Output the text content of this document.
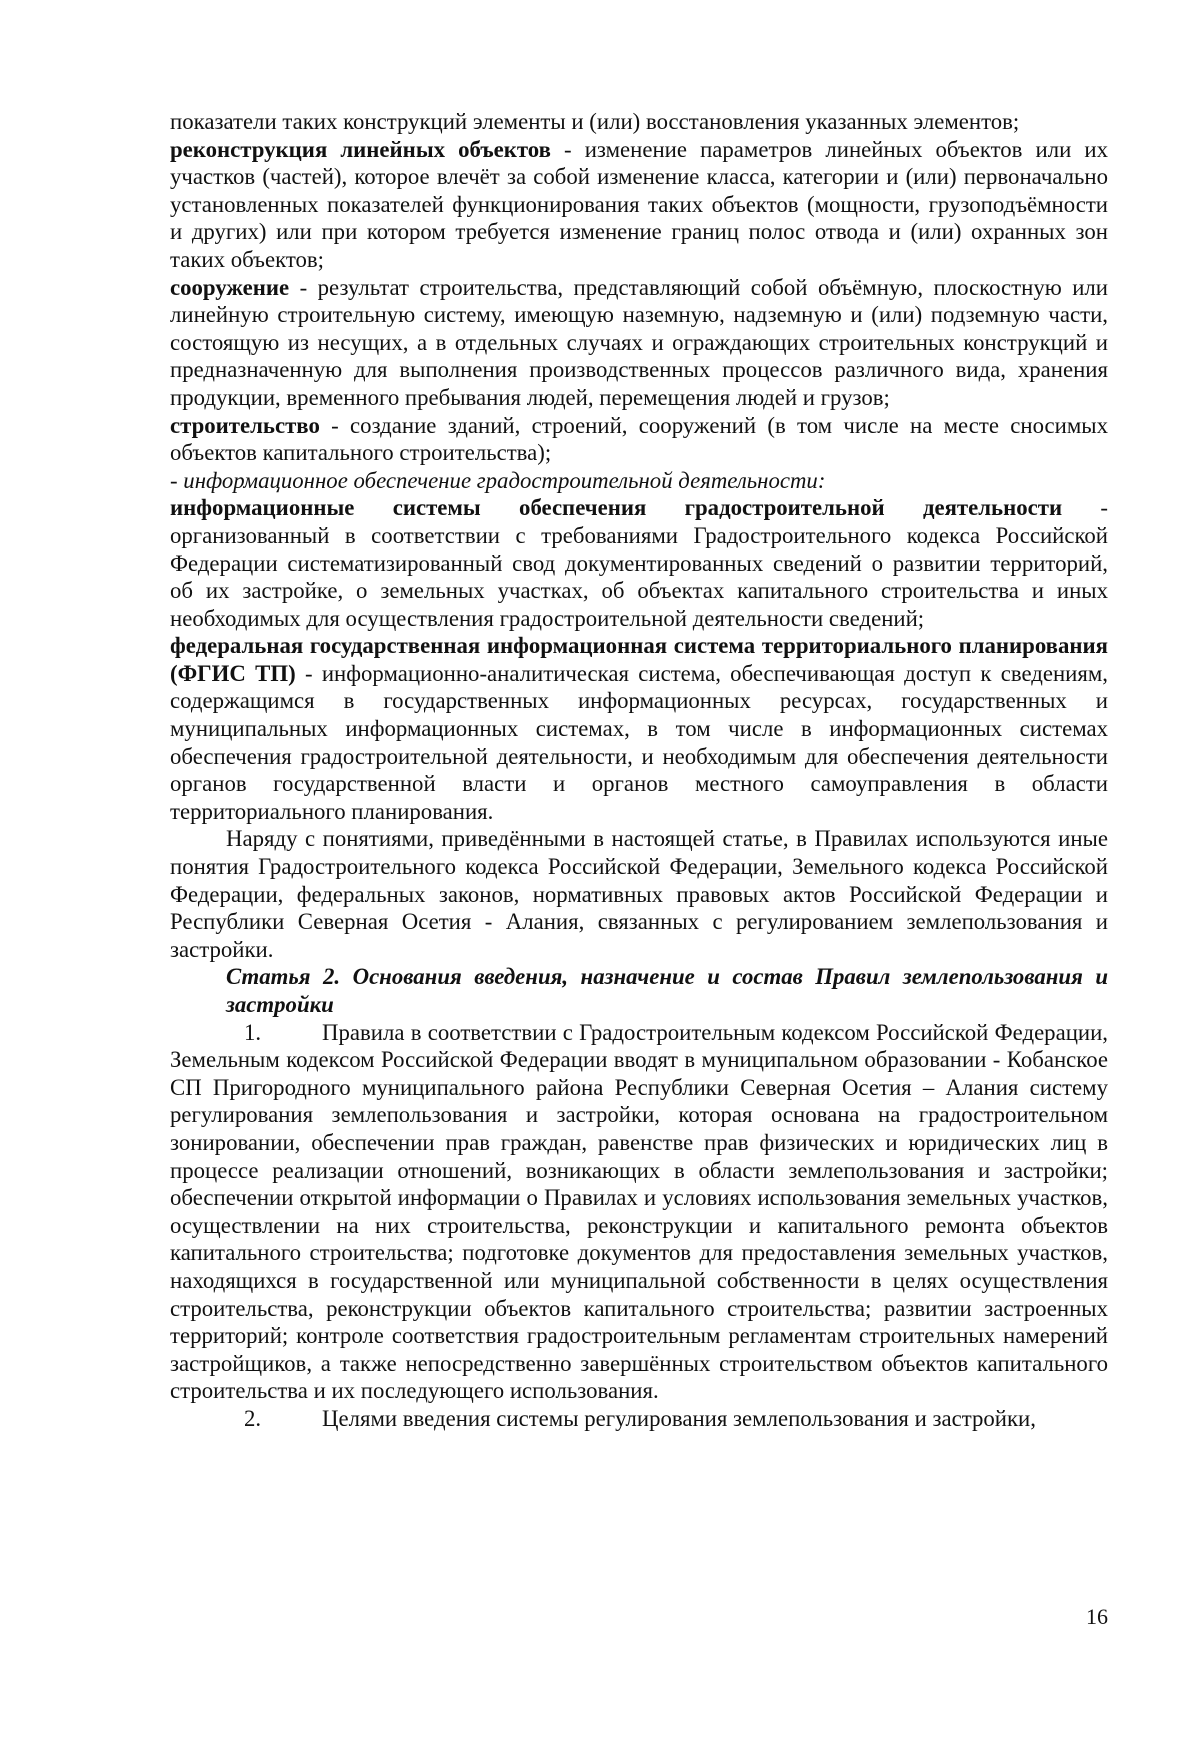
показатели таких конструкций элементы и (или) восстановления указанных элементов;

реконструкция линейных объектов - изменение параметров линейных объектов или их участков (частей), которое влечёт за собой изменение класса, категории и (или) первоначально установленных показателей функционирования таких объектов (мощности, грузоподъёмности и других) или при котором требуется изменение границ полос отвода и (или) охранных зон таких объектов;

сооружение - результат строительства, представляющий собой объёмную, плоскостную или линейную строительную систему, имеющую наземную, надземную и (или) подземную части, состоящую из несущих, а в отдельных случаях и ограждающих строительных конструкций и предназначенную для выполнения производственных процессов различного вида, хранения продукции, временного пребывания людей, перемещения людей и грузов;

строительство - создание зданий, строений, сооружений (в том числе на месте сносимых объектов капитального строительства);

- информационное обеспечение градостроительной деятельности:

информационные системы обеспечения градостроительной деятельности - организованный в соответствии с требованиями Градостроительного кодекса Российской Федерации систематизированный свод документированных сведений о развитии территорий, об их застройке, о земельных участках, об объектах капитального строительства и иных необходимых для осуществления градостроительной деятельности сведений;

федеральная государственная информационная система территориального планирования (ФГИС ТП) - информационно-аналитическая система, обеспечивающая доступ к сведениям, содержащимся в государственных информационных ресурсах, государственных и муниципальных информационных системах, в том числе в информационных системах обеспечения градостроительной деятельности, и необходимым для обеспечения деятельности органов государственной власти и органов местного самоуправления в области территориального планирования.

Наряду с понятиями, приведёнными в настоящей статье, в Правилах используются иные понятия Градостроительного кодекса Российской Федерации, Земельного кодекса Российской Федерации, федеральных законов, нормативных правовых актов Российской Федерации и Республики Северная Осетия - Алания, связанных с регулированием землепользования и застройки.

Статья 2. Основания введения, назначение и состав Правил землепользования и застройки

1.	Правила в соответствии с Градостроительным кодексом Российской Федерации, Земельным кодексом Российской Федерации вводят в муниципальном образовании - Кобанское СП Пригородного муниципального района Республики Северная Осетия – Алания систему регулирования землепользования и застройки, которая основана на градостроительном зонировании, обеспечении прав граждан, равенстве прав физических и юридических лиц в процессе реализации отношений, возникающих в области землепользования и застройки; обеспечении открытой информации о Правилах и условиях использования земельных участков, осуществлении на них строительства, реконструкции и капитального ремонта объектов капитального строительства; подготовке документов для предоставления земельных участков, находящихся в государственной или муниципальной собственности в целях осуществления строительства, реконструкции объектов капитального строительства; развитии застроенных территорий; контроле соответствия градостроительным регламентам строительных намерений застройщиков, а также непосредственно завершённых строительством объектов капитального строительства и их последующего использования.

2.	Целями введения системы регулирования землепользования и застройки,

16
